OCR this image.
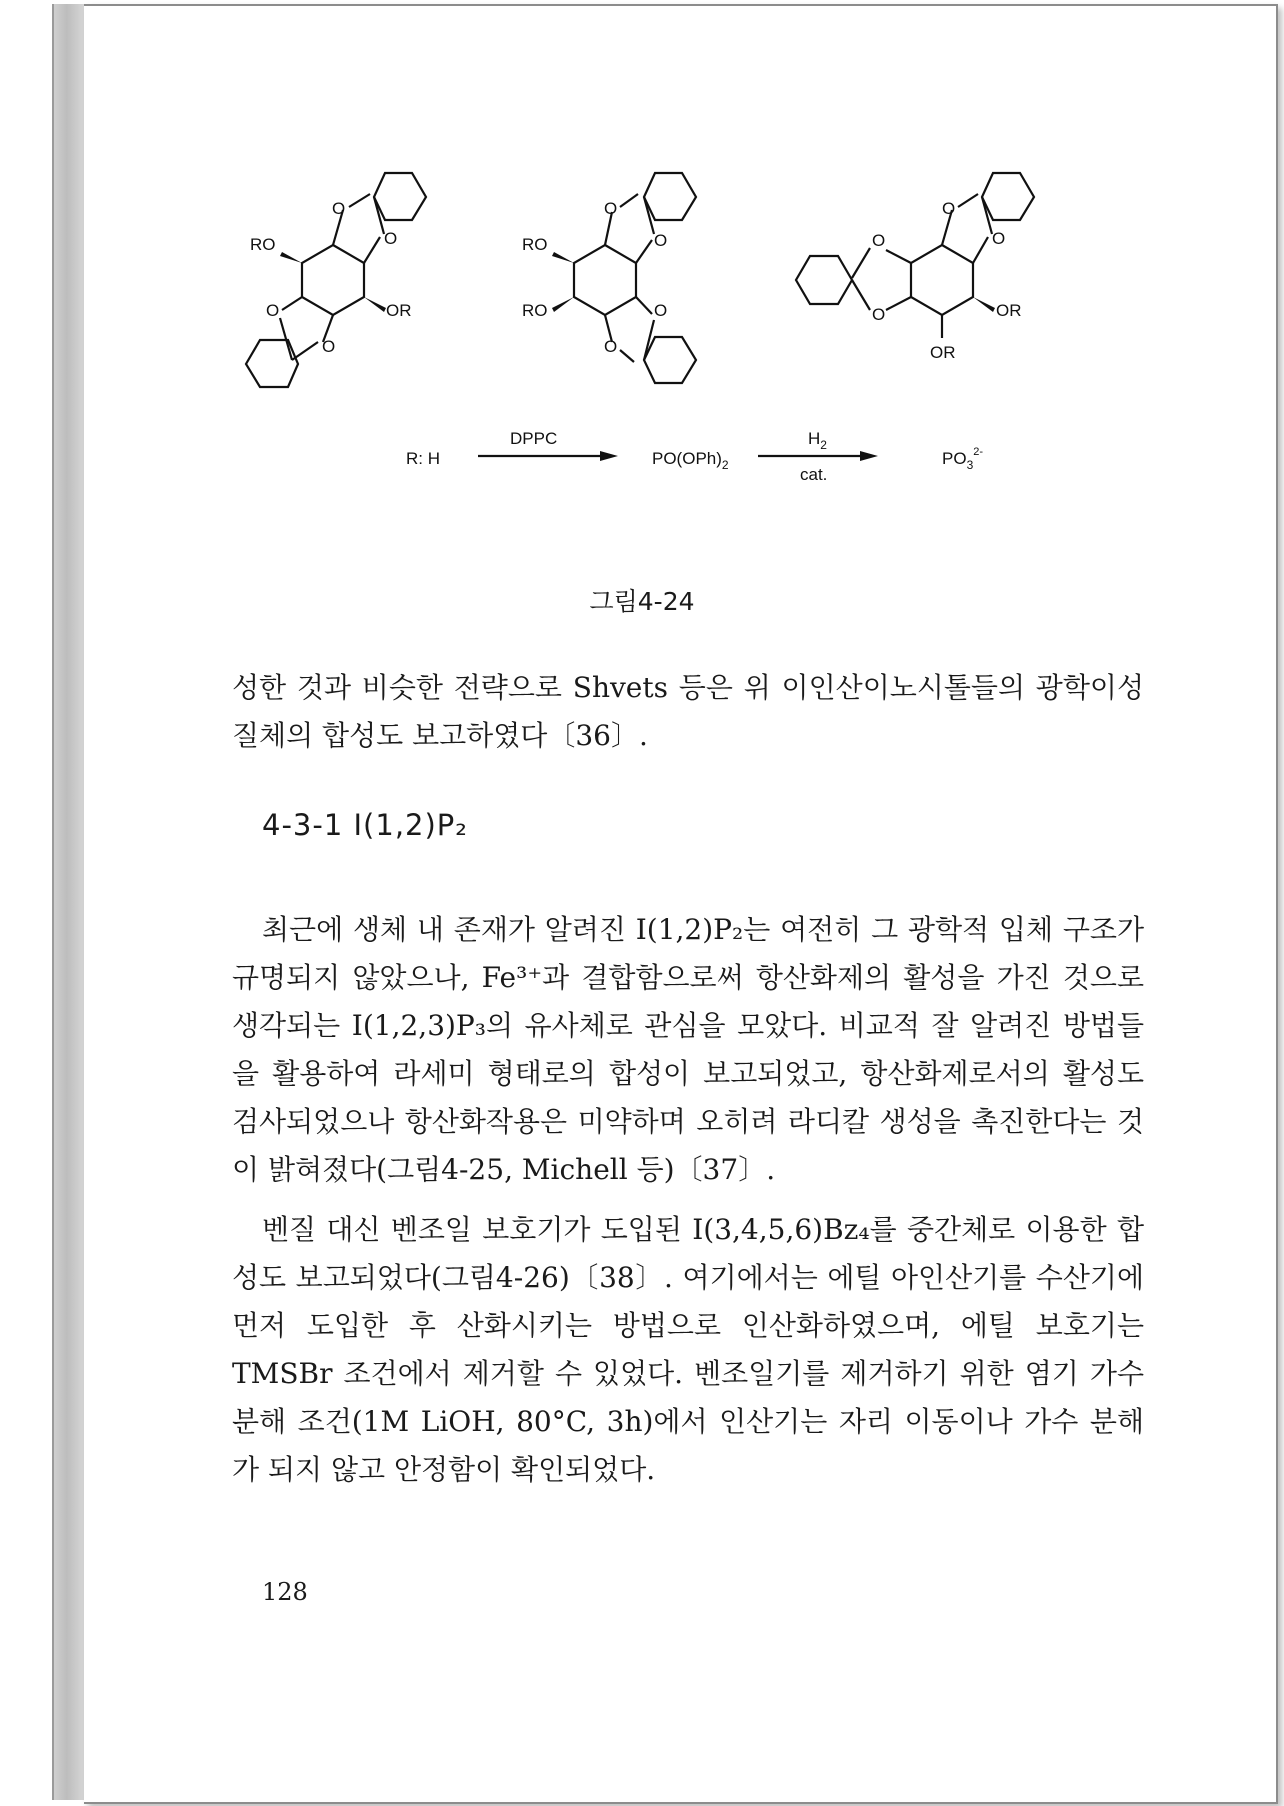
O
O
RO
O	OR
O
O
O
RO
RO	O
O
O
O
O
O	OR
OR
R: H
DPPC
$PO(OPh)_2$
$H_2$
cat.
$PO_3^{2-}$
그림4-24

성한 것과 비슷한 전략으로 Shvets 등은 위 이인산이노시톨들의 광학이성질체의 합성도 보고하였다〔36〕.

4-3-1 I(1,2)P₂

최근에 생체 내 존재가 알려진 I(1,2)P₂는 여전히 그 광학적 입체 구조가 규명되지 않았으나, Fe³⁺과 결합함으로써 항산화제의 활성을 가진 것으로 생각되는 I(1,2,3)P₃의 유사체로 관심을 모았다. 비교적 잘 알려진 방법들을 활용하여 라세미 형태로의 합성이 보고되었고, 항산화제로서의 활성도 검사되었으나 항산화작용은 미약하며 오히려 라디칼 생성을 촉진한다는 것이 밝혀졌다(그림4-25, Michell 등)〔37〕.

벤질 대신 벤조일 보호기가 도입된 I(3,4,5,6)Bz₄를 중간체로 이용한 합성도 보고되었다(그림4-26)〔38〕. 여기에서는 에틸 아인산기를 수산기에 먼저 도입한 후 산화시키는 방법으로 인산화하였으며, 에틸 보호기는 TMSBr 조건에서 제거할 수 있었다. 벤조일기를 제거하기 위한 염기 가수 분해 조건(1M LiOH, 80°C, 3h)에서 인산기는 자리 이동이나 가수 분해가 되지 않고 안정함이 확인되었다.

128
